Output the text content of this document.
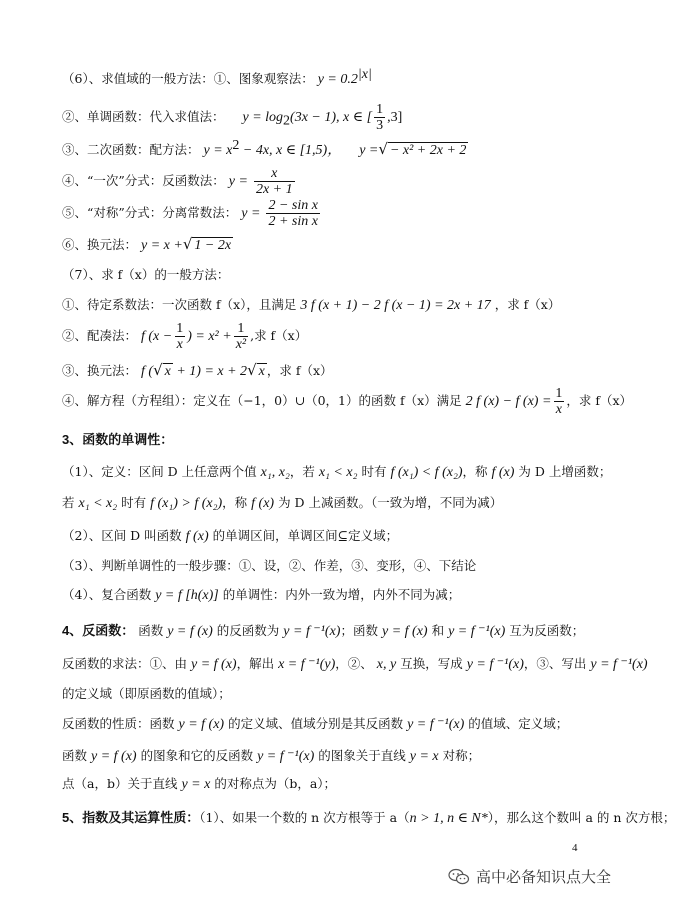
（6）、求值域的一般方法：①、图象观察法： $y = 0.2^{|x|}$
②、单调函数：代入求值法： $y = \log_2(3x - 1)$, x ∈ [ $\frac{1}{3} ,3$]
③、二次函数：配方法： $y = x^2 - 4x$, x ∈ [1,5)， y =√ − x² + 2x + 2
④、“一次”分式：反函数法： $y = \frac{x}{2x + 1}$
⑤、“对称”分式：分离常数法： $y = \frac{\text{2 − sin x}}{\text{2 + sin x}}$
⑥、换元法： y = x +√ 1 − 2x
（7）、求 f（x）的一般方法：
①、待定系数法：一次函数 f（x），且满足 3 f (x + 1) − 2 f (x − 1) = 2x + 17 ，求 f（x）
②、配凑法： f ($x - \frac{1}{x}$ ) = $x^2 + \frac{1}{\text{x²}}$ ,求 f（x）
③、换元法： f (√ x + 1) = x + 2√ x ，求 f（x）
④、解方程（方程组）：定义在（−1，0）∪（0，1）的函数 f（x）满足 2 f (x) − f $(x) = \frac{1}{x}$ ，求 f（x）
3、函数的单调性：
（1）、定义：区间 D 上任意两个值 x₁, x₂，若 x₁ < x₂ 时有 f (x₁) < f (x₂)，称 f (x) 为 D 上增函数；
若 x₁ < x₂ 时有 f (x₁) > f (x₂)，称 f (x) 为 D 上减函数。（一致为增，不同为减）
（2）、区间 D 叫函数 f (x) 的单调区间，单调区间⊆定义域；
（3）、判断单调性的一般步骤：①、设，②、作差，③、变形，④、下结论
（4）、复合函数 y = f [h(x)] 的单调性：内外一致为增，内外不同为减；
4、反函数： 函数 y = f (x) 的反函数为 y = f ⁻¹(x)；函数 y = f (x) 和 y = f ⁻¹(x) 互为反函数；
反函数的求法：①、由 y = f (x)，解出 x = f ⁻¹(y)，②、 x, y 互换，写成 y = f ⁻¹(x)，③、写出 y = f ⁻¹(x)
的定义域（即原函数的值域）；
反函数的性质：函数 y = f (x) 的定义域、值域分别是其反函数 y = f ⁻¹(x) 的值域、定义域；
函数 y = f (x) 的图象和它的反函数 y = f ⁻¹(x) 的图象关于直线 y = x 对称；
点（a，b）关于直线 y = x 的对称点为（b，a）；
5、指数及其运算性质：（1）、如果一个数的 n 次方根等于 a（n > 1, n ∈ N*），那么这个数叫 a 的 n 次方根；
4
高中必备知识点大全
